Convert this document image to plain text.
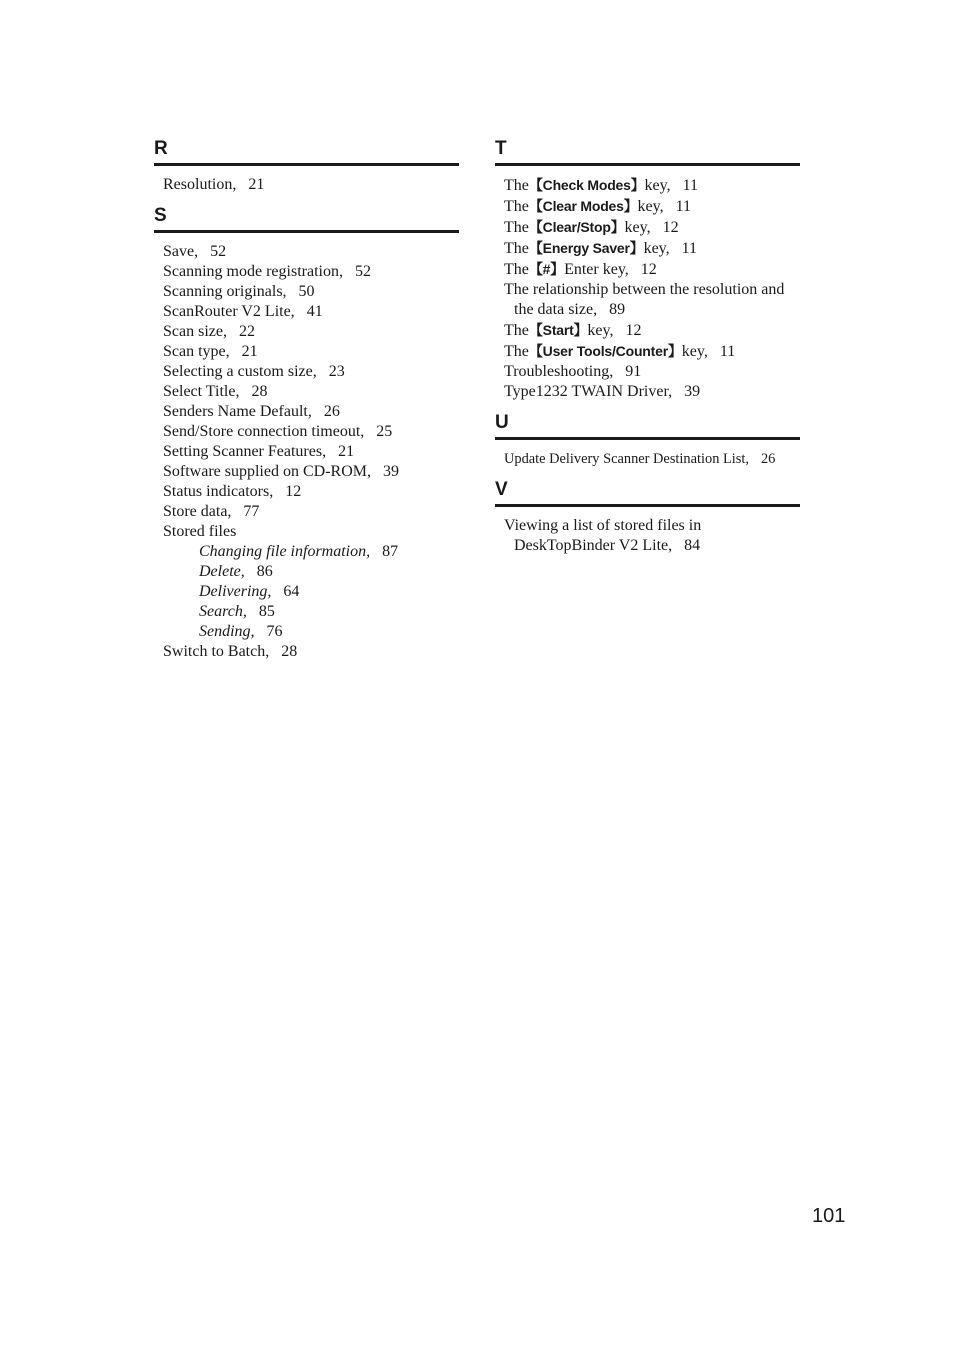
R
Resolution, 21
S
Save, 52
Scanning mode registration, 52
Scanning originals, 50
ScanRouter V2 Lite, 41
Scan size, 22
Scan type, 21
Selecting a custom size, 23
Select Title, 28
Senders Name Default, 26
Send/Store connection timeout, 25
Setting Scanner Features, 21
Software supplied on CD-ROM, 39
Status indicators, 12
Store data, 77
Stored files
Changing file information, 87
Delete, 86
Delivering, 64
Search, 85
Sending, 76
Switch to Batch, 28
T
The【Check Modes】key, 11
The【Clear Modes】key, 11
The【Clear/Stop】key, 12
The【Energy Saver】key, 11
The【#】Enter key, 12
The relationship between the resolution and the data size, 89
The【Start】key, 12
The【User Tools/Counter】key, 11
Troubleshooting, 91
Type1232 TWAIN Driver, 39
U
Update Delivery Scanner Destination List, 26
V
Viewing a list of stored files in DeskTopBinder V2 Lite, 84
101
